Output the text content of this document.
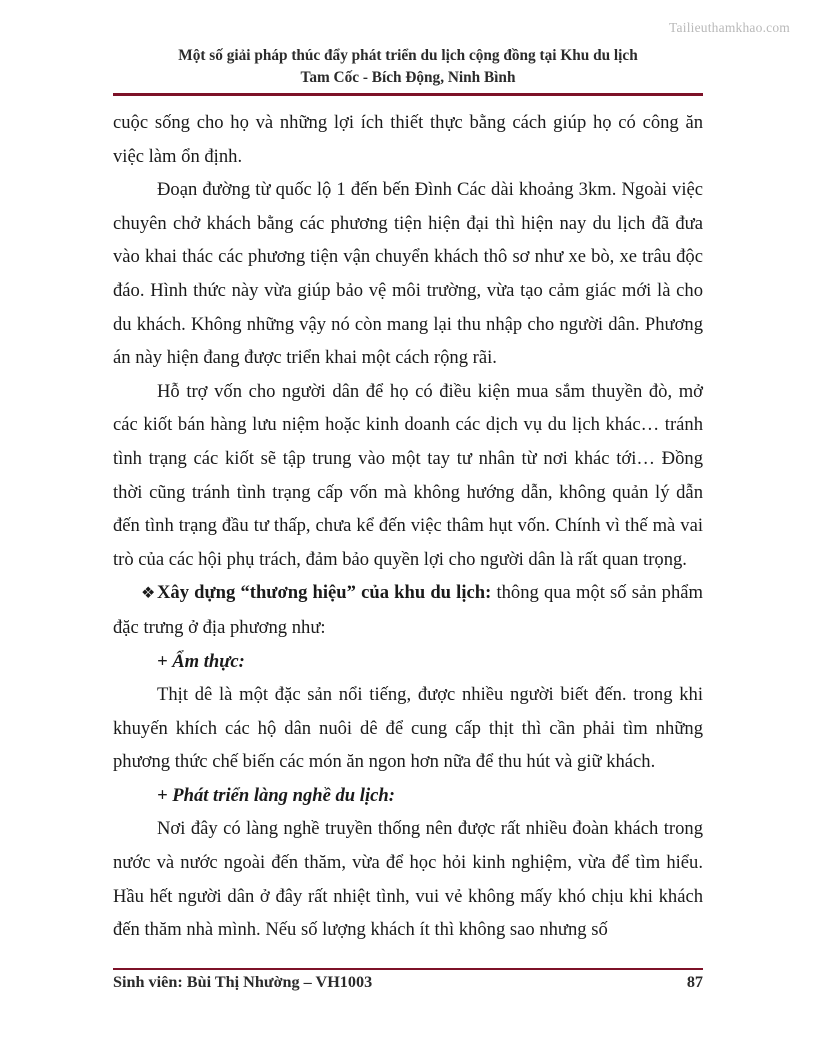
Tailieuthamkhao.com
Một số giải pháp thúc đẩy phát triển du lịch cộng đồng tại Khu du lịch
Tam Cốc - Bích Động, Ninh Bình

cuộc sống cho họ và những lợi ích thiết thực bằng cách giúp họ có công ăn việc làm ổn định.

Đoạn đường từ quốc lộ 1 đến bến Đình Các dài khoảng 3km. Ngoài việc chuyên chở khách bằng các phương tiện hiện đại thì hiện nay du lịch đã đưa vào khai thác các phương tiện vận chuyển khách thô sơ như xe bò, xe trâu độc đáo. Hình thức này vừa giúp bảo vệ môi trường, vừa tạo cảm giác mới là cho du khách. Không những vậy nó còn mang lại thu nhập cho người dân. Phương án này hiện đang được triển khai một cách rộng rãi.

Hỗ trợ vốn cho người dân để họ có điều kiện mua sắm thuyền đò, mở các kiốt bán hàng lưu niệm hoặc kinh doanh các dịch vụ du lịch khác… tránh tình trạng các kiốt sẽ tập trung vào một tay tư nhân từ nơi khác tới… Đồng thời cũng tránh tình trạng cấp vốn mà không hướng dẫn, không quản lý dẫn đến tình trạng đầu tư thấp, chưa kể đến việc thâm hụt vốn. Chính vì thế mà vai trò của các hội phụ trách, đảm bảo quyền lợi cho người dân là rất quan trọng.

❖Xây dựng “thương hiệu” của khu du lịch: thông qua một số sản phẩm đặc trưng ở địa phương như:

+ Ẩm thực:

Thịt dê là một đặc sản nổi tiếng, được nhiều người biết đến. trong khi khuyến khích các hộ dân nuôi dê để cung cấp thịt thì cần phải tìm những phương thức chế biến các món ăn ngon hơn nữa để thu hút và giữ khách.

+ Phát triển làng nghề du lịch:

Nơi đây có làng nghề truyền thống nên được rất nhiều đoàn khách trong nước và nước ngoài đến thăm, vừa để học hỏi kinh nghiệm, vừa để tìm hiểu. Hầu hết người dân ở đây rất nhiệt tình, vui vẻ không mấy khó chịu khi khách đến thăm nhà mình. Nếu số lượng khách ít thì không sao nhưng số

Sinh viên: Bùi Thị Nhường – VH1003	87
